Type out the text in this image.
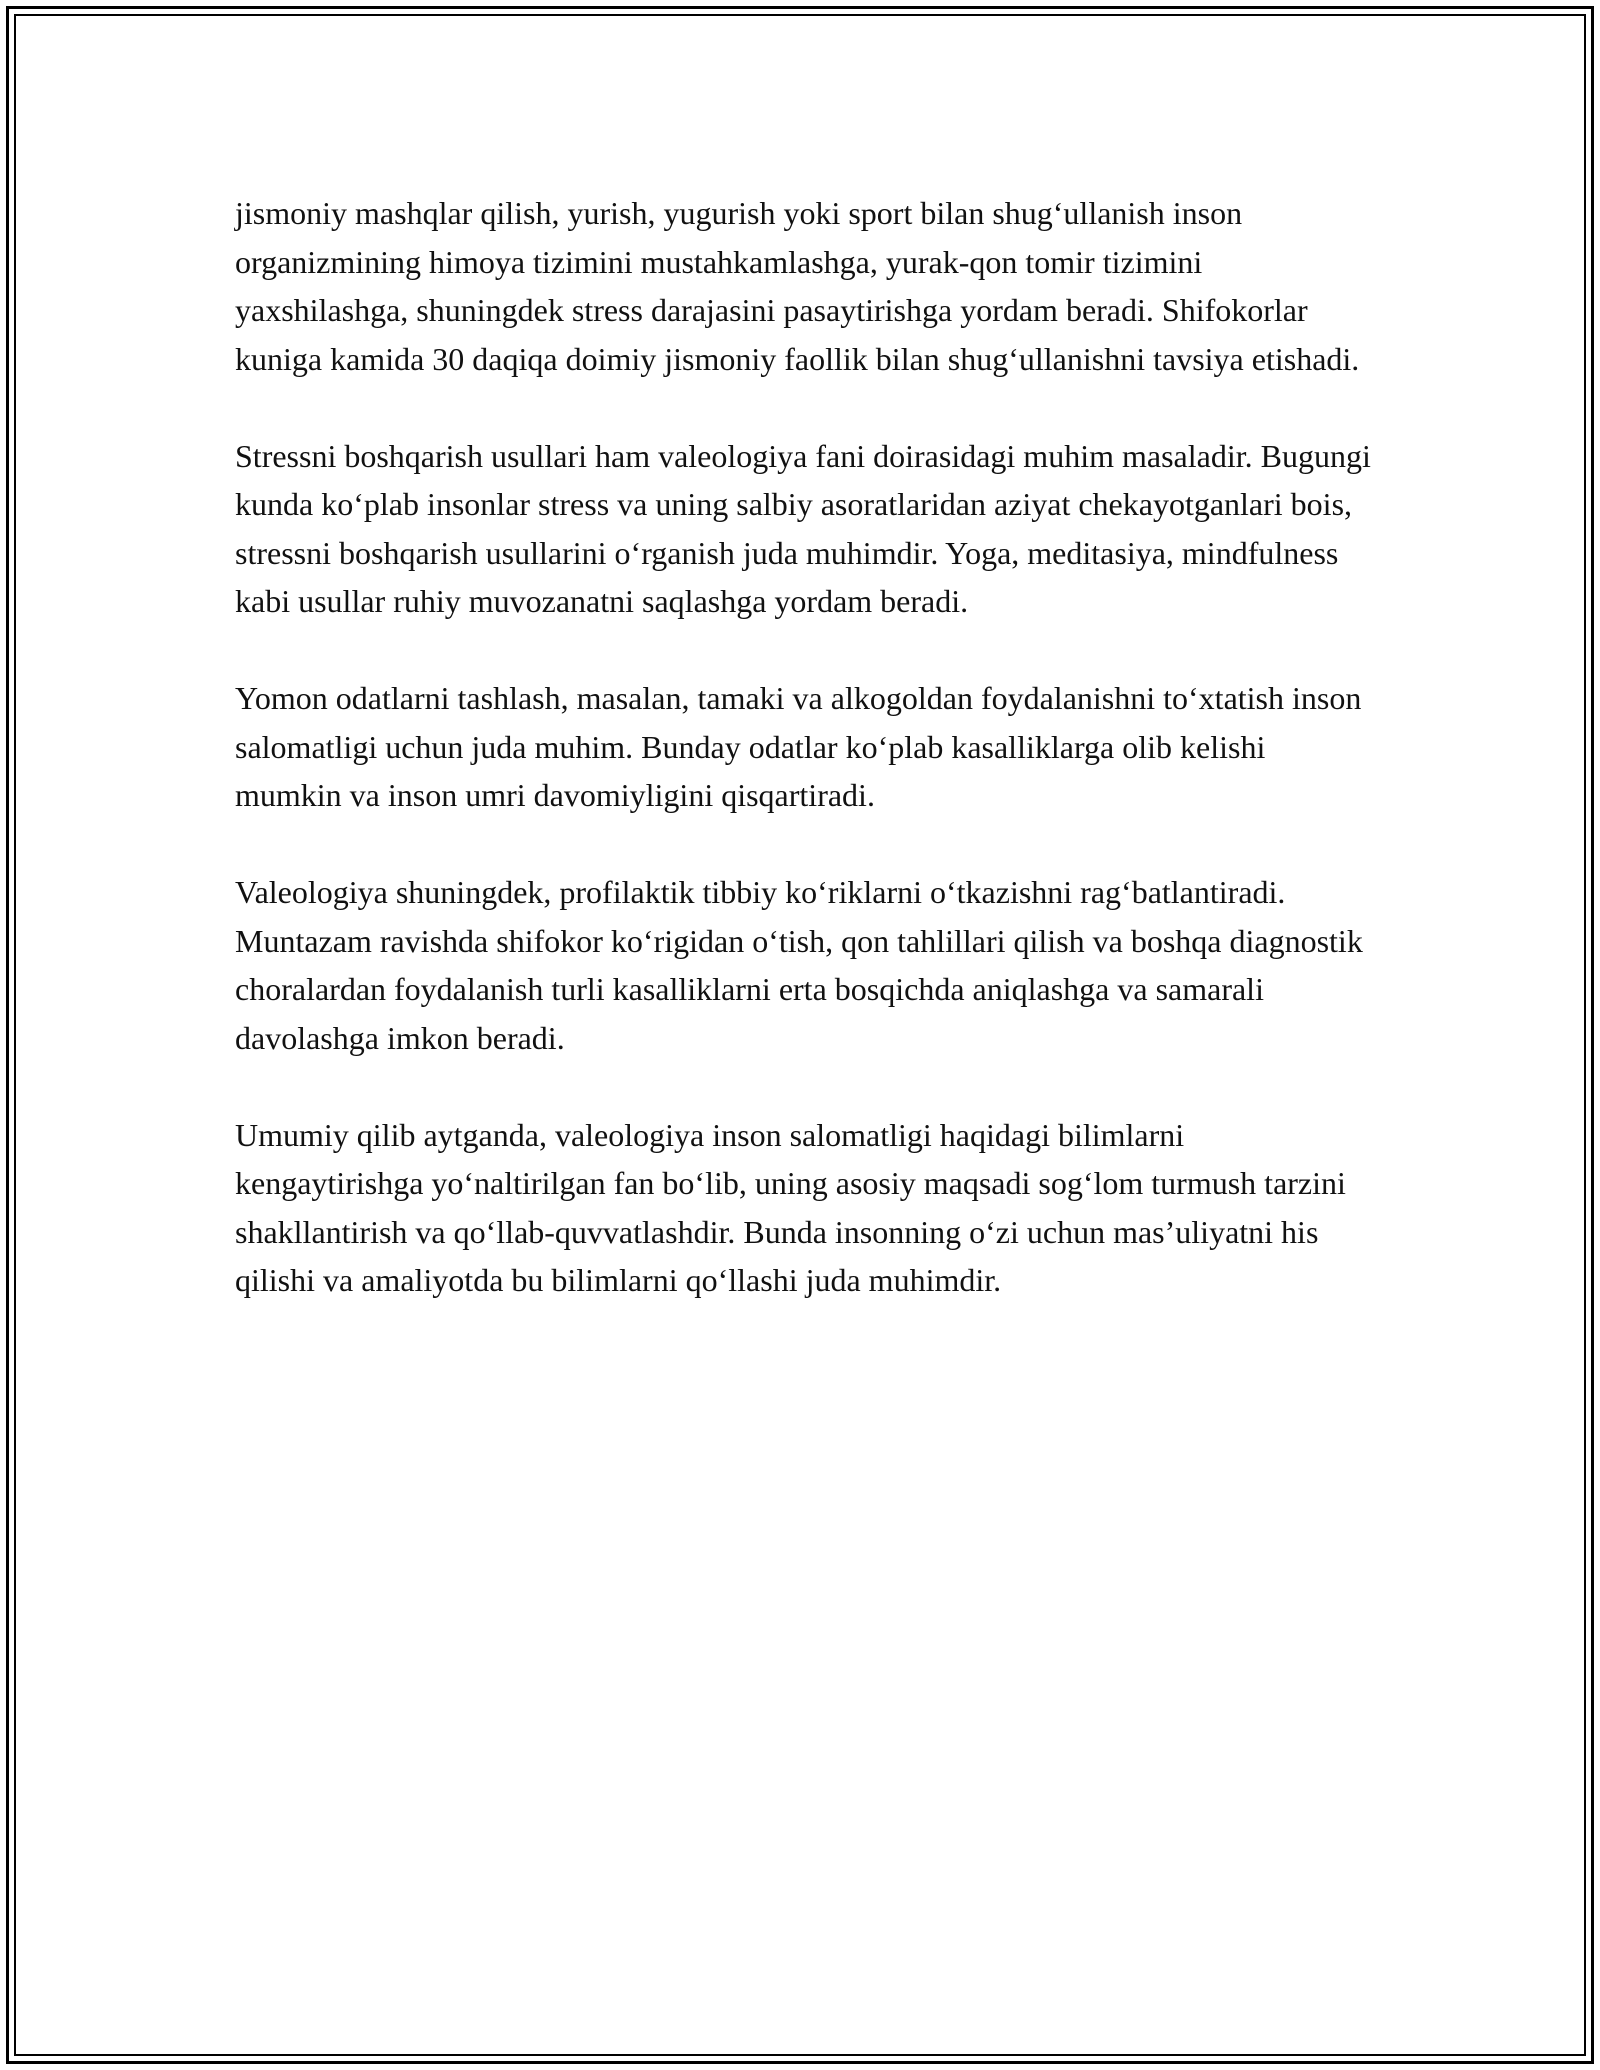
jismoniy mashqlar qilish, yurish, yugurish yoki sport bilan shug‘ullanish inson organizmining himoya tizimini mustahkamlashga, yurak-qon tomir tizimini yaxshilashga, shuningdek stress darajasini pasaytirishga yordam beradi. Shifokorlar kuniga kamida 30 daqiqa doimiy jismoniy faollik bilan shug‘ullanishni tavsiya etishadi.

Stressni boshqarish usullari ham valeologiya fani doirasidagi muhim masaladir. Bugungi kunda ko‘plab insonlar stress va uning salbiy asoratlaridan aziyat chekayotganlari bois, stressni boshqarish usullarini o‘rganish juda muhimdir. Yoga, meditasiya, mindfulness kabi usullar ruhiy muvozanatni saqlashga yordam beradi.

Yomon odatlarni tashlash, masalan, tamaki va alkogoldan foydalanishni to‘xtatish inson salomatligi uchun juda muhim. Bunday odatlar ko‘plab kasalliklarga olib kelishi mumkin va inson umri davomiyligini qisqartiradi.

Valeologiya shuningdek, profilaktik tibbiy ko‘riklarni o‘tkazishni rag‘batlantiradi. Muntazam ravishda shifokor ko‘rigidan o‘tish, qon tahlillari qilish va boshqa diagnostik choralardan foydalanish turli kasalliklarni erta bosqichda aniqlashga va samarali davolashga imkon beradi.

Umumiy qilib aytganda, valeologiya inson salomatligi haqidagi bilimlarni kengaytirishga yo‘naltirilgan fan bo‘lib, uning asosiy maqsadi sog‘lom turmush tarzini shakllantirish va qo‘llab-quvvatlashdir. Bunda insonning o‘zi uchun mas’uliyatni his qilishi va amaliyotda bu bilimlarni qo‘llashi juda muhimdir.
